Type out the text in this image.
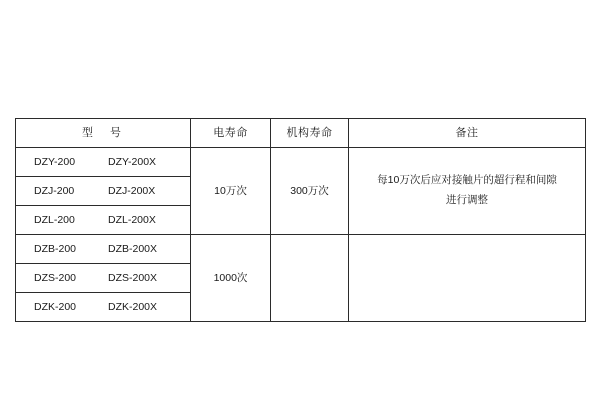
型　号	电寿命	机构寿命	备注

DZY-200 DZY-200X	10万次	300万次	每10万次后应对接触片的超行程和间隙
进行调整

DZJ-200 DZJ-200X			

DZL-200 DZL-200X			

DZB-200 DZB-200X	1000次		

DZS-200 DZS-200X			

DZK-200 DZK-200X			
